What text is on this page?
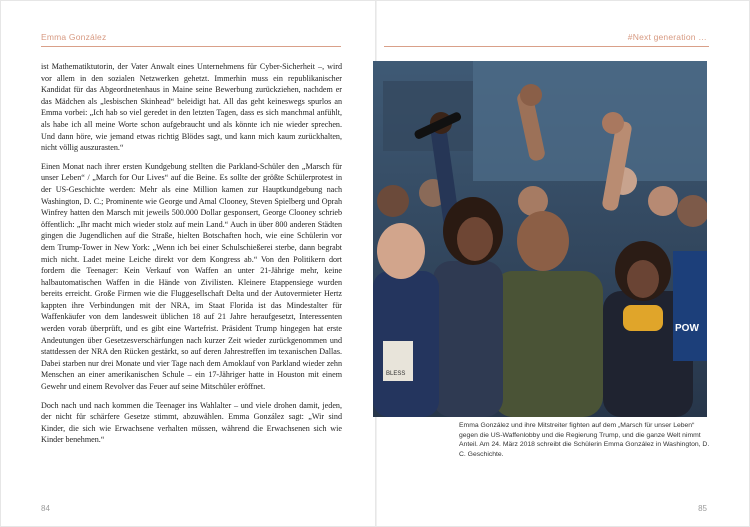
Emma González

ist Mathematiktutorin, der Vater Anwalt eines Unternehmens für Cyber-Sicherheit –, wird vor allem in den sozialen Netzwerken gehetzt. Immerhin muss ein republikanischer Kandidat für das Abgeordnetenhaus in Maine seine Bewerbung zurückziehen, nachdem er das Mädchen als „lesbischen Skinhead“ beleidigt hat. All das geht keineswegs spurlos an Emma vorbei: „Ich hab so viel geredet in den letzten Tagen, dass es sich manchmal anfühlt, als habe ich all meine Worte schon aufgebraucht und als könnte ich nie wieder sprechen. Und dann höre, wie jemand etwas richtig Blödes sagt, und kann mich kaum zurückhalten, nicht völlig auszurasten.“

Einen Monat nach ihrer ersten Kundgebung stellten die Parkland-Schüler den „Marsch für unser Leben“ / „March for Our Lives“ auf die Beine. Es sollte der größte Schülerprotest in der US-Geschichte werden: Mehr als eine Million kamen zur Hauptkundgebung nach Washington, D. C.; Prominente wie George und Amal Clooney, Steven Spielberg und Oprah Winfrey hatten den Marsch mit jeweils 500.000 Dollar gesponsert, George Clooney schrieb öffentlich: „Ihr macht mich wieder stolz auf mein Land.“ Auch in über 800 anderen Städten gingen die Jugendlichen auf die Straße, hielten Botschaften hoch, wie eine Schülerin vor dem Trump-Tower in New York: „Wenn ich bei einer Schulschießerei sterbe, dann begrabt mich nicht. Ladet meine Leiche direkt vor dem Kongress ab.“ Von den Politikern dort fordern die Teenager: Kein Verkauf von Waffen an unter 21-Jährige mehr, keine halbautomatischen Waffen in die Hände von Zivilisten. Kleinere Etappensiege wurden bereits erreicht. Große Firmen wie die Fluggesellschaft Delta und der Autovermieter Hertz kappten ihre Verbindungen mit der NRA, im Staat Florida ist das Mindestalter für Waffenkäufer von dem landesweit üblichen 18 auf 21 Jahre heraufgesetzt, Interessenten werden vorab überprüft, und es gibt eine Wartefrist. Präsident Trump hingegen hat erste Andeutungen über Gesetzesverschärfungen nach kurzer Zeit wieder zurückgenommen und stattdessen der NRA den Rücken gestärkt, so auf deren Jahrestreffen im texanischen Dallas. Dabei starben nur drei Monate und vier Tage nach dem Amoklauf von Parkland wieder zehn Menschen an einer amerikanischen Schule – ein 17-Jähriger hatte in Houston mit einem Gewehr und einem Revolver das Feuer auf seine Mitschüler eröffnet.

Doch nach und nach kommen die Teenager ins Wahlalter – und viele drohen damit, jeden, der nicht für schärfere Gesetze stimmt, abzuwählen. Emma González sagt: „Wir sind Kinder, die sich wie Erwachsene verhalten müssen, während die Erwachsenen sich wie Kinder benehmen.“

84
#Next generation …
POW
BLESS
Emma González und ihre Mitstreiter fighten auf dem „Marsch für unser Leben“ gegen die US-Waffenlobby und die Regierung Trump, und die ganze Welt nimmt Anteil. Am 24. März 2018 schreibt die Schülerin Emma González in Washington, D. C. Geschichte.
85
